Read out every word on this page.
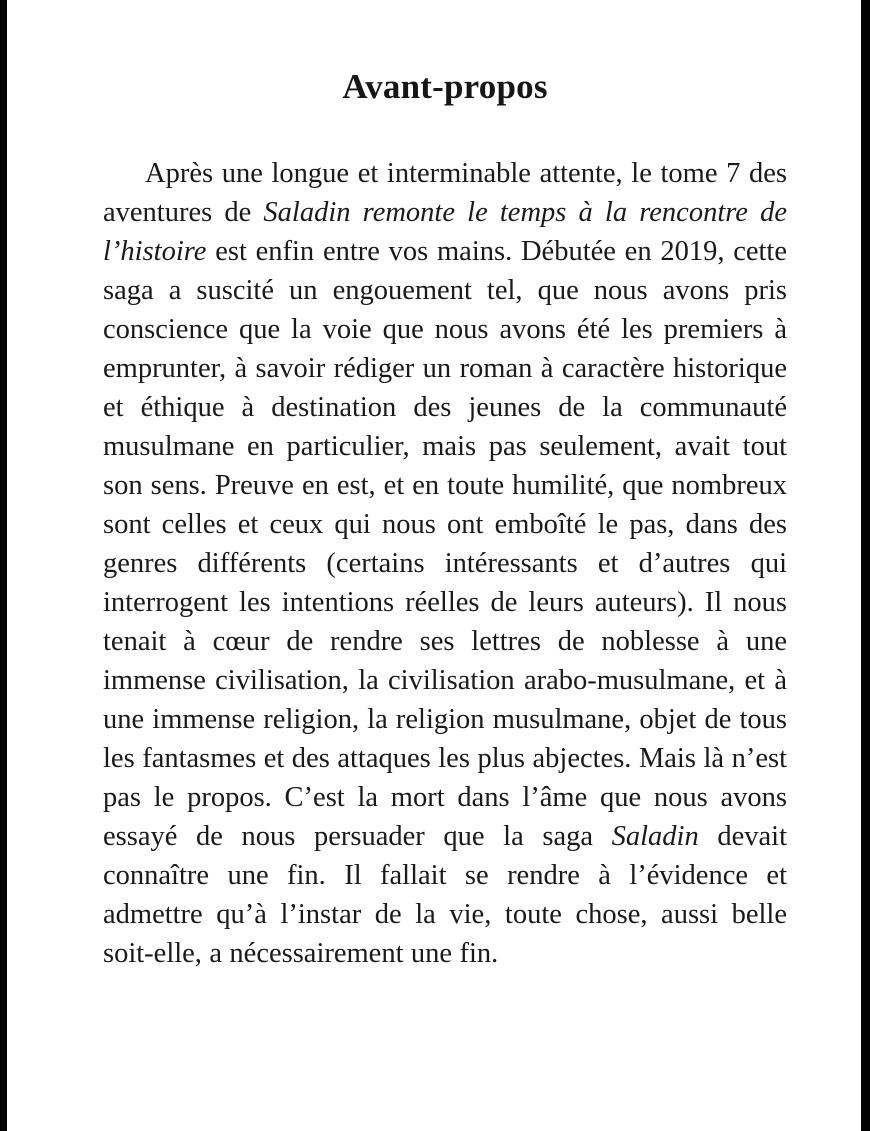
Avant-propos

Après une longue et interminable attente, le tome 7 des aventures de Saladin remonte le temps à la rencontre de l’histoire est enfin entre vos mains. Débutée en 2019, cette saga a suscité un engouement tel, que nous avons pris conscience que la voie que nous avons été les premiers à emprunter, à savoir rédiger un roman à caractère historique et éthique à destination des jeunes de la communauté musulmane en particulier, mais pas seulement, avait tout son sens. Preuve en est, et en toute humilité, que nombreux sont celles et ceux qui nous ont emboîté le pas, dans des genres différents (certains intéressants et d’autres qui interrogent les intentions réelles de leurs auteurs). Il nous tenait à cœur de rendre ses lettres de noblesse à une immense civilisation, la civilisation arabo-musulmane, et à une immense religion, la religion musulmane, objet de tous les fantasmes et des attaques les plus abjectes. Mais là n’est pas le propos. C’est la mort dans l’âme que nous avons essayé de nous persuader que la saga Saladin devait connaître une fin. Il fallait se rendre à l’évidence et admettre qu’à l’instar de la vie, toute chose, aussi belle soit-elle, a nécessairement une fin.
